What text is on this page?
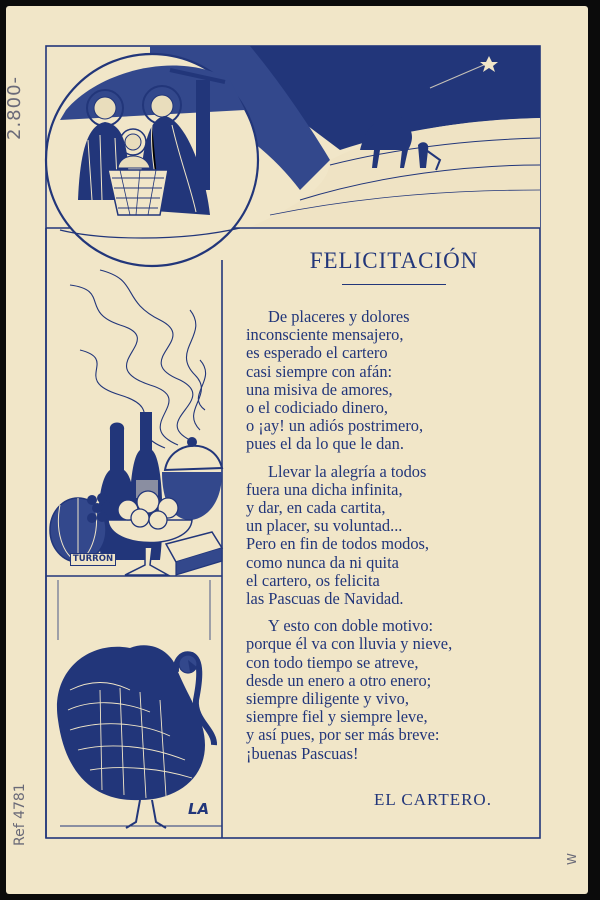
2.800-
Ref 4781
W
TURRON
LA
FELICITACIÓN
De placeres y dolores
inconsciente mensajero,
es esperado el cartero
casi siempre con afán:
una misiva de amores,
o el codiciado dinero,
o ¡ay! un adiós postrimero,
pues el da lo que le dan.
Llevar la alegría a todos
fuera una dicha infinita,
y dar, en cada cartita,
un placer, su voluntad...
Pero en fin de todos modos,
como nunca da ni quita
el cartero, os felicita
las Pascuas de Navidad.
Y esto con doble motivo:
porque él va con lluvia y nieve,
con todo tiempo se atreve,
desde un enero a otro enero;
siempre diligente y vivo,
siempre fiel y siempre leve,
y así pues, por ser más breve:
¡buenas Pascuas!
EL CARTERO.
